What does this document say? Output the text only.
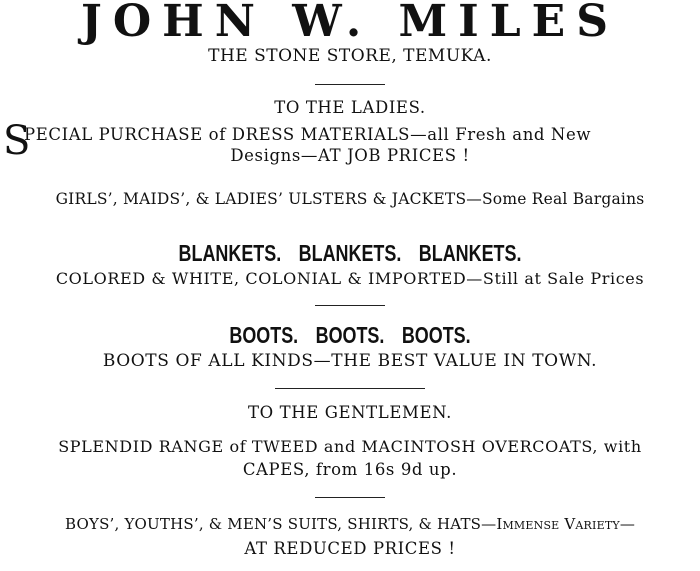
JOHN W. MILES
THE STONE STORE, TEMUKA.
TO THE LADIES.
S
PECIAL PURCHASE of DRESS MATERIALS—all Fresh and New
Designs—AT JOB PRICES !
GIRLS’, MAIDS’, & LADIES’ ULSTERS & JACKETS—Some Real Bargains
BLANKETS. BLANKETS. BLANKETS.
COLORED & WHITE, COLONIAL & IMPORTED—Still at Sale Prices
BOOTS. BOOTS. BOOTS.
BOOTS OF ALL KINDS—THE BEST VALUE IN TOWN.
TO THE GENTLEMEN.
SPLENDID RANGE of TWEED and MACINTOSH OVERCOATS, with
CAPES, from 16s 9d up.
BOYS’, YOUTHS’, & MEN’S SUITS, SHIRTS, & HATS—Immense Variety—
AT REDUCED PRICES !
